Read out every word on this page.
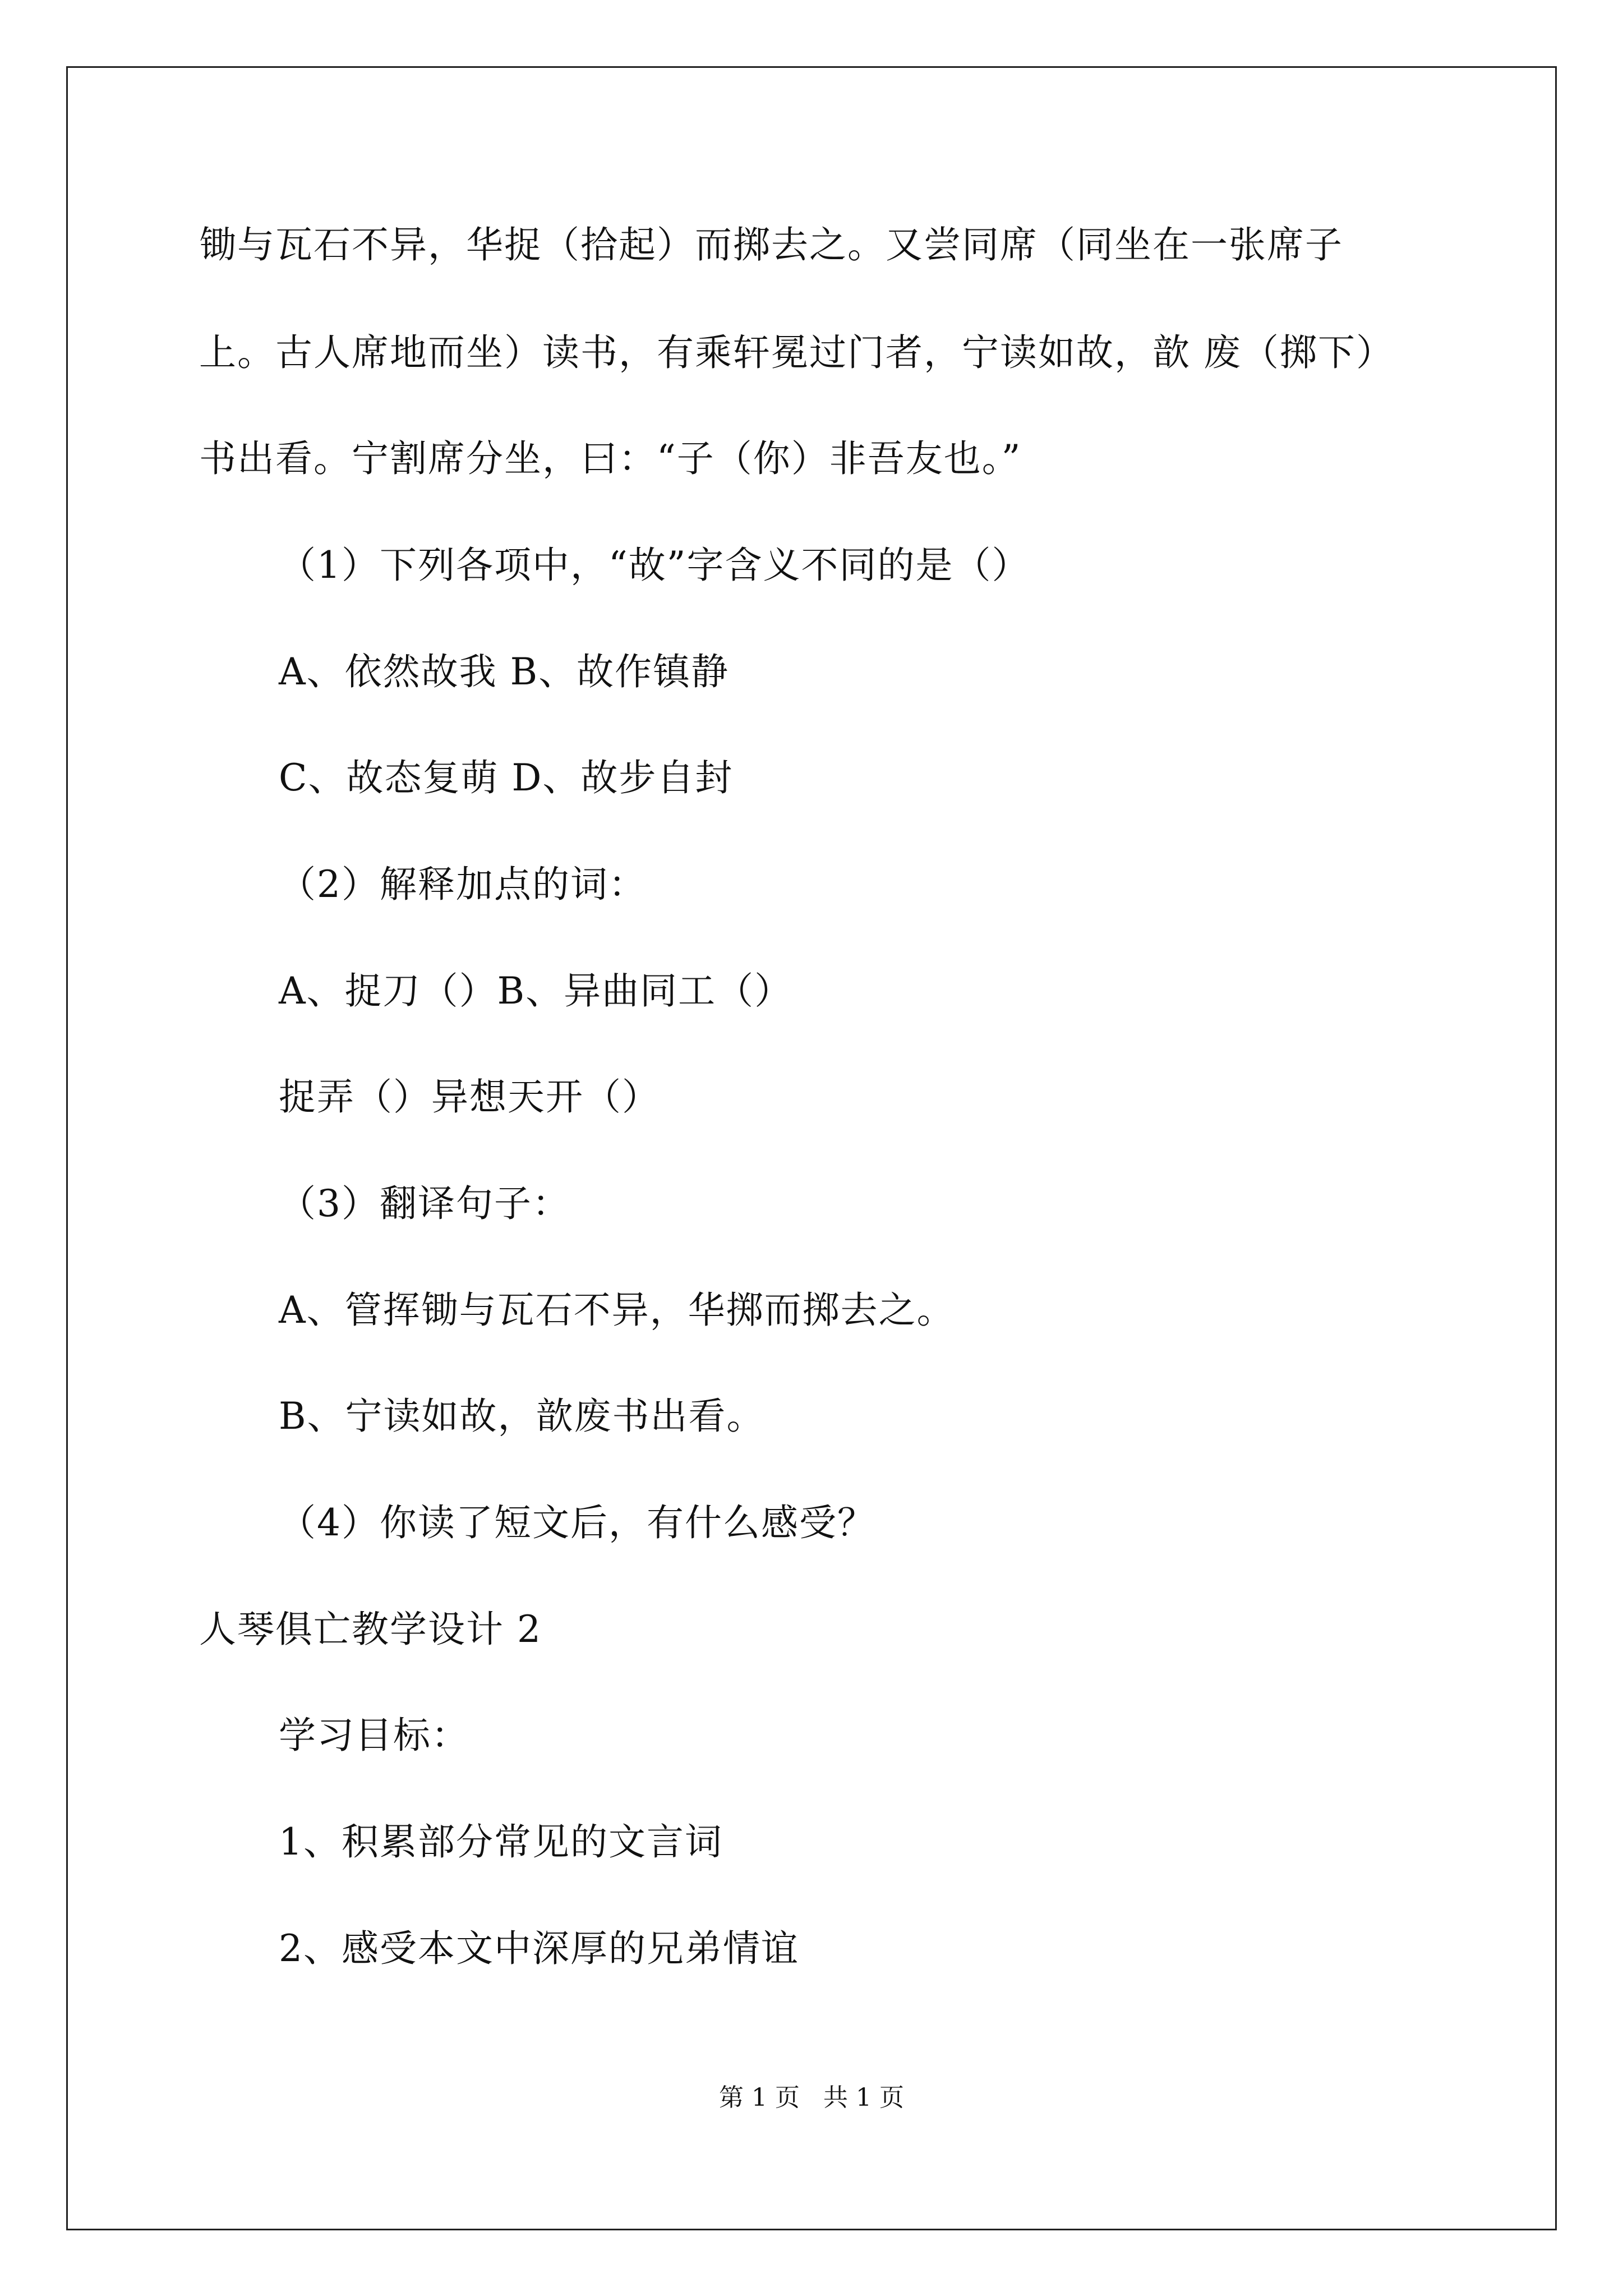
锄与瓦石不异，华捉（拾起）而掷去之。又尝同席（同坐在一张席子
上。古人席地而坐）读书，有乘轩冕过门者，宁读如故，歆 废（掷下）
书出看。宁割席分坐，曰：“子（你）非吾友也。”
（1）下列各项中，“故”字含义不同的是（）
A、依然故我 B、故作镇静
C、故态复萌 D、故步自封
（2）解释加点的词：
A、捉刀（）B、异曲同工（）
捉弄（）异想天开（）
（3）翻译句子：
A、管挥锄与瓦石不异，华掷而掷去之。
B、宁读如故，歆废书出看。
（4）你读了短文后，有什么感受？
人琴俱亡教学设计 2
学习目标：
1、积累部分常见的文言词
2、感受本文中深厚的兄弟情谊
第 1 页   共 1 页
